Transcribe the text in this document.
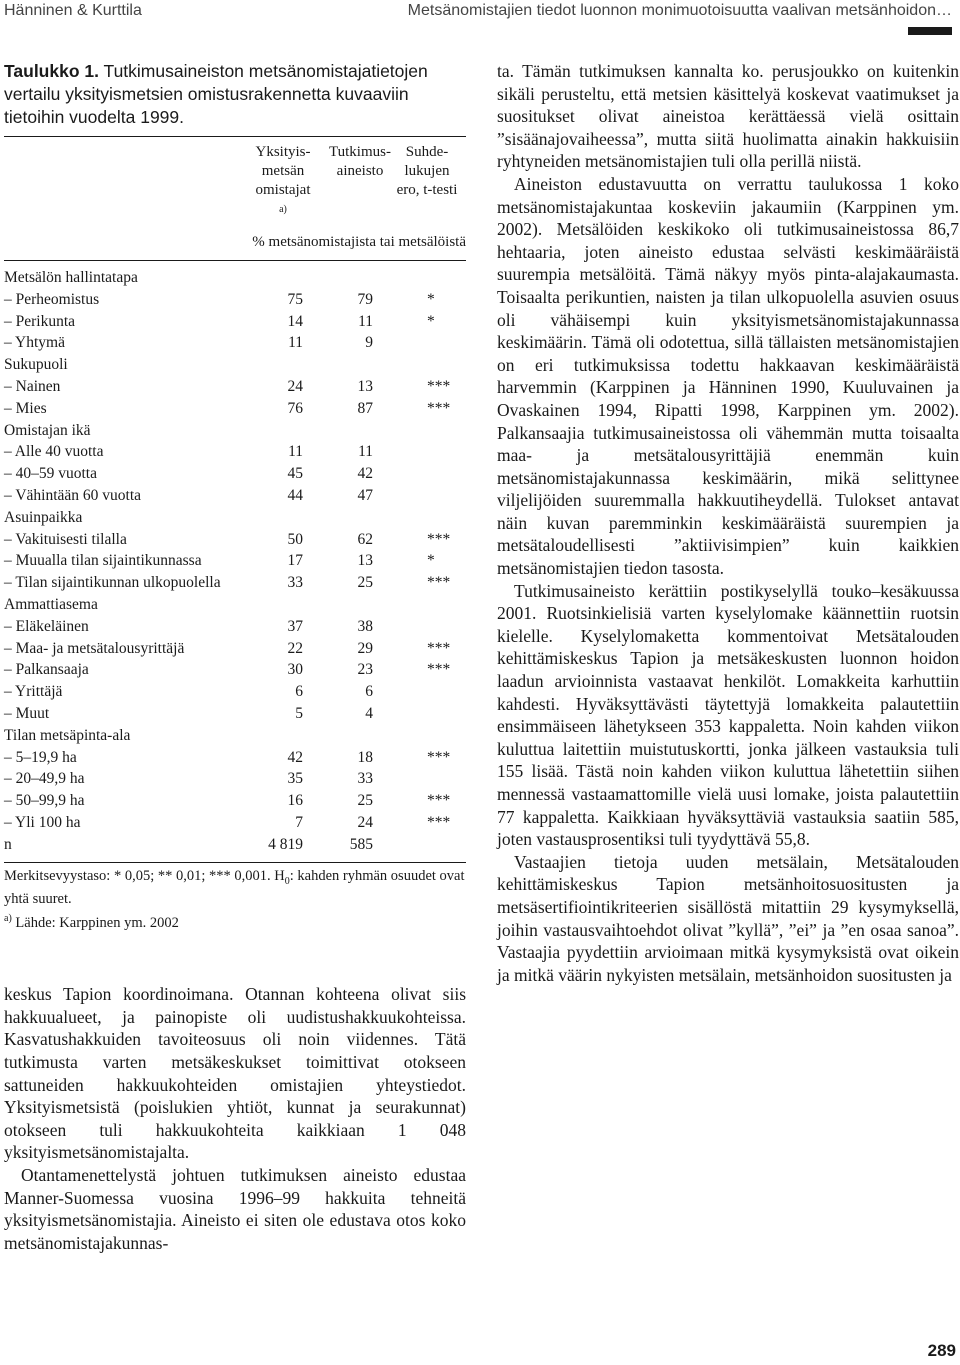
Hänninen & Kurttila	Metsänomistajien tiedot luonnon monimuotoisuutta vaalivan metsänhoidon…

Taulukko 1. Tutkimusaineiston metsänomistajatietojen vertailu yksityismetsien omistusrakennetta kuvaaviin tietoihin vuodelta 1999.

Yksityis-
metsän
omistajat $^{a)}$
Tutkimus-
aineisto
Suhde-
lukujen
ero, t-testi
% metsänomistajista tai metsälöistä
Metsälön hallintatapa			
– Perheomistus	75	79	*
– Perikunta	14	11	*
– Yhtymä	11	9	
Sukupuoli			
– Nainen	24	13	***
– Mies	76	87	***
Omistajan ikä			
– Alle 40 vuotta	11	11	
– 40–59 vuotta	45	42	
– Vähintään 60 vuotta	44	47	
Asuinpaikka			
– Vakituisesti tilalla	50	62	***
– Muualla tilan sijaintikunnassa	17	13	*
– Tilan sijaintikunnan ulkopuolella	33	25	***
Ammattiasema			
– Eläkeläinen	37	38	
– Maa- ja metsätalousyrittäjä	22	29	***
– Palkansaaja	30	23	***
– Yrittäjä	6	6	
– Muut	5	4	
Tilan metsäpinta-ala			
– 5–19,9 ha	42	18	***
– 20–49,9 ha	35	33	
– 50–99,9 ha	16	25	***
– Yli 100 ha	7	24	***
n	4 819	585	

Merkitsevyystaso: * 0,05; ** 0,01; *** 0,001. $H_0$: kahden ryhmän osuudet ovat yhtä suuret.

$^{a)}$ Lähde: Karppinen ym. 2002

keskus Tapion koordinoimana. Otannan kohteena olivat siis hakkuualueet, ja painopiste oli uudistushakkuukohteissa. Kasvatushakkuiden tavoiteosuus oli noin viidennes. Tätä tutkimusta varten metsäkeskukset toimittivat otokseen sattuneiden hakkuukohteiden omistajien yhteystiedot. Yksityismetsistä (poislukien yhtiöt, kunnat ja seurakunnat) otokseen tuli hakkuukohteita kaikkiaan 1 048 yksityismetsänomistajalta.

Otantamenettelystä johtuen tutkimuksen aineisto edustaa Manner-Suomessa vuosina 1996–99 hakkuita tehneitä yksityismetsänomistajia. Aineisto ei siten ole edustava otos koko metsänomistajakunnas-

ta. Tämän tutkimuksen kannalta ko. perusjoukko on kuitenkin sikäli perusteltu, että metsien käsittelyä koskevat vaatimukset ja suositukset olivat aineistoa kerättäessä vielä osittain ”sisäänajovaiheessa”, mutta siitä huolimatta ainakin hakkuisiin ryhtyneiden metsänomistajien tuli olla perillä niistä.

Aineiston edustavuutta on verrattu taulukossa 1 koko metsänomistajakuntaa koskeviin jakaumiin (Karppinen ym. 2002). Metsälöiden keskikoko oli tutkimusaineistossa 86,7 hehtaaria, joten aineisto edustaa selvästi keskimääräistä suurempia metsälöitä. Tämä näkyy myös pinta-alajakaumasta. Toisaalta perikuntien, naisten ja tilan ulkopuolella asuvien osuus oli vähäisempi kuin yksityismetsänomistajakunnassa keskimäärin. Tämä oli odotettua, sillä tällaisten metsänomistajien on eri tutkimuksissa todettu hakkaavan keskimääräistä harvemmin (Karppinen ja Hänninen 1990, Kuuluvainen ja Ovaskainen 1994, Ripatti 1998, Karppinen ym. 2002). Palkansaajia tutkimusaineistossa oli vähemmän mutta toisaalta maa- ja metsätalousyrittäjiä enemmän kuin metsänomistajakunnassa keskimäärin, mikä selittynee viljelijöiden suuremmalla hakkuutiheydellä. Tulokset antavat näin kuvan paremminkin keskimääräistä suurempien ja metsätaloudellisesti ”aktiivisimpien” kuin kaikkien metsänomistajien tiedon tasosta.

Tutkimusaineisto kerättiin postikyselyllä touko–kesäkuussa 2001. Ruotsinkielisiä varten kyselylomake käännettiin ruotsin kielelle. Kyselylomaketta kommentoivat Metsätalouden kehittämiskeskus Tapion ja metsäkeskusten luonnon hoidon laadun arvioinnista vastaavat henkilöt. Lomakkeita karhuttiin kahdesti. Hyväksyttävästi täytettyjä lomakkeita palautettiin ensimmäiseen lähetykseen 353 kappaletta. Noin kahden viikon kuluttua laitettiin muistutuskortti, jonka jälkeen vastauksia tuli 155 lisää. Tästä noin kahden viikon kuluttua lähetettiin siihen mennessä vastaamattomille vielä uusi lomake, joista palautettiin 77 kappaletta. Kaikkiaan hyväksyttäviä vastauksia saatiin 585, joten vastausprosentiksi tuli tyydyttävä 55,8.

Vastaajien tietoja uuden metsälain, Metsätalouden kehittämiskeskus Tapion metsänhoitosuositusten ja metsäsertifiointikriteerien sisällöstä mitattiin 29 kysymyksellä, joihin vastausvaihtoehdot olivat ”kyllä”, ”ei” ja ”en osaa sanoa”. Vastaajia pyydettiin arvioimaan mitkä kysymyksistä ovat oikein ja mitkä väärin nykyisten metsälain, metsänhoidon suositusten ja

289
